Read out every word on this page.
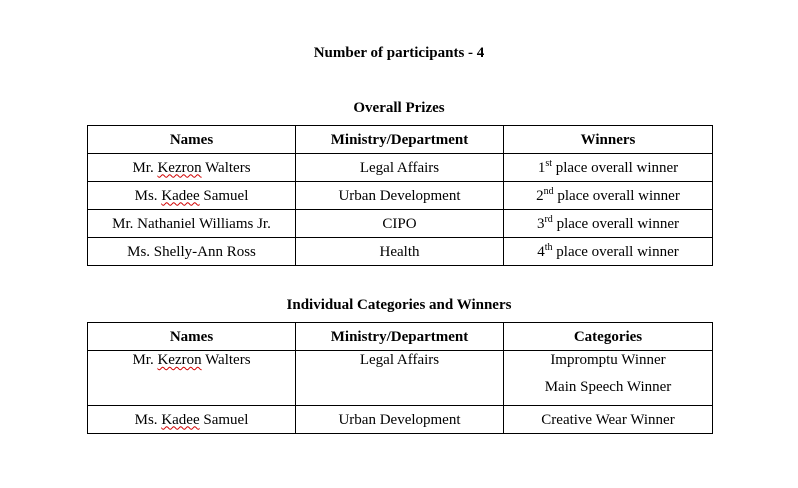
Number of participants - 4
Overall Prizes
Names	Ministry/Department	Winners
Mr. Kezron Walters	Legal Affairs	1st place overall winner
Ms. Kadee Samuel	Urban Development	2nd place overall winner
Mr. Nathaniel Williams Jr.	CIPO	3rd place overall winner
Ms. Shelly-Ann Ross	Health	4th place overall winner
Individual Categories and Winners
Names	Ministry/Department	Categories
Mr. Kezron Walters	Legal Affairs	Impromptu Winner
Main Speech Winner

Ms. Kadee Samuel	Urban Development	Creative Wear Winner
